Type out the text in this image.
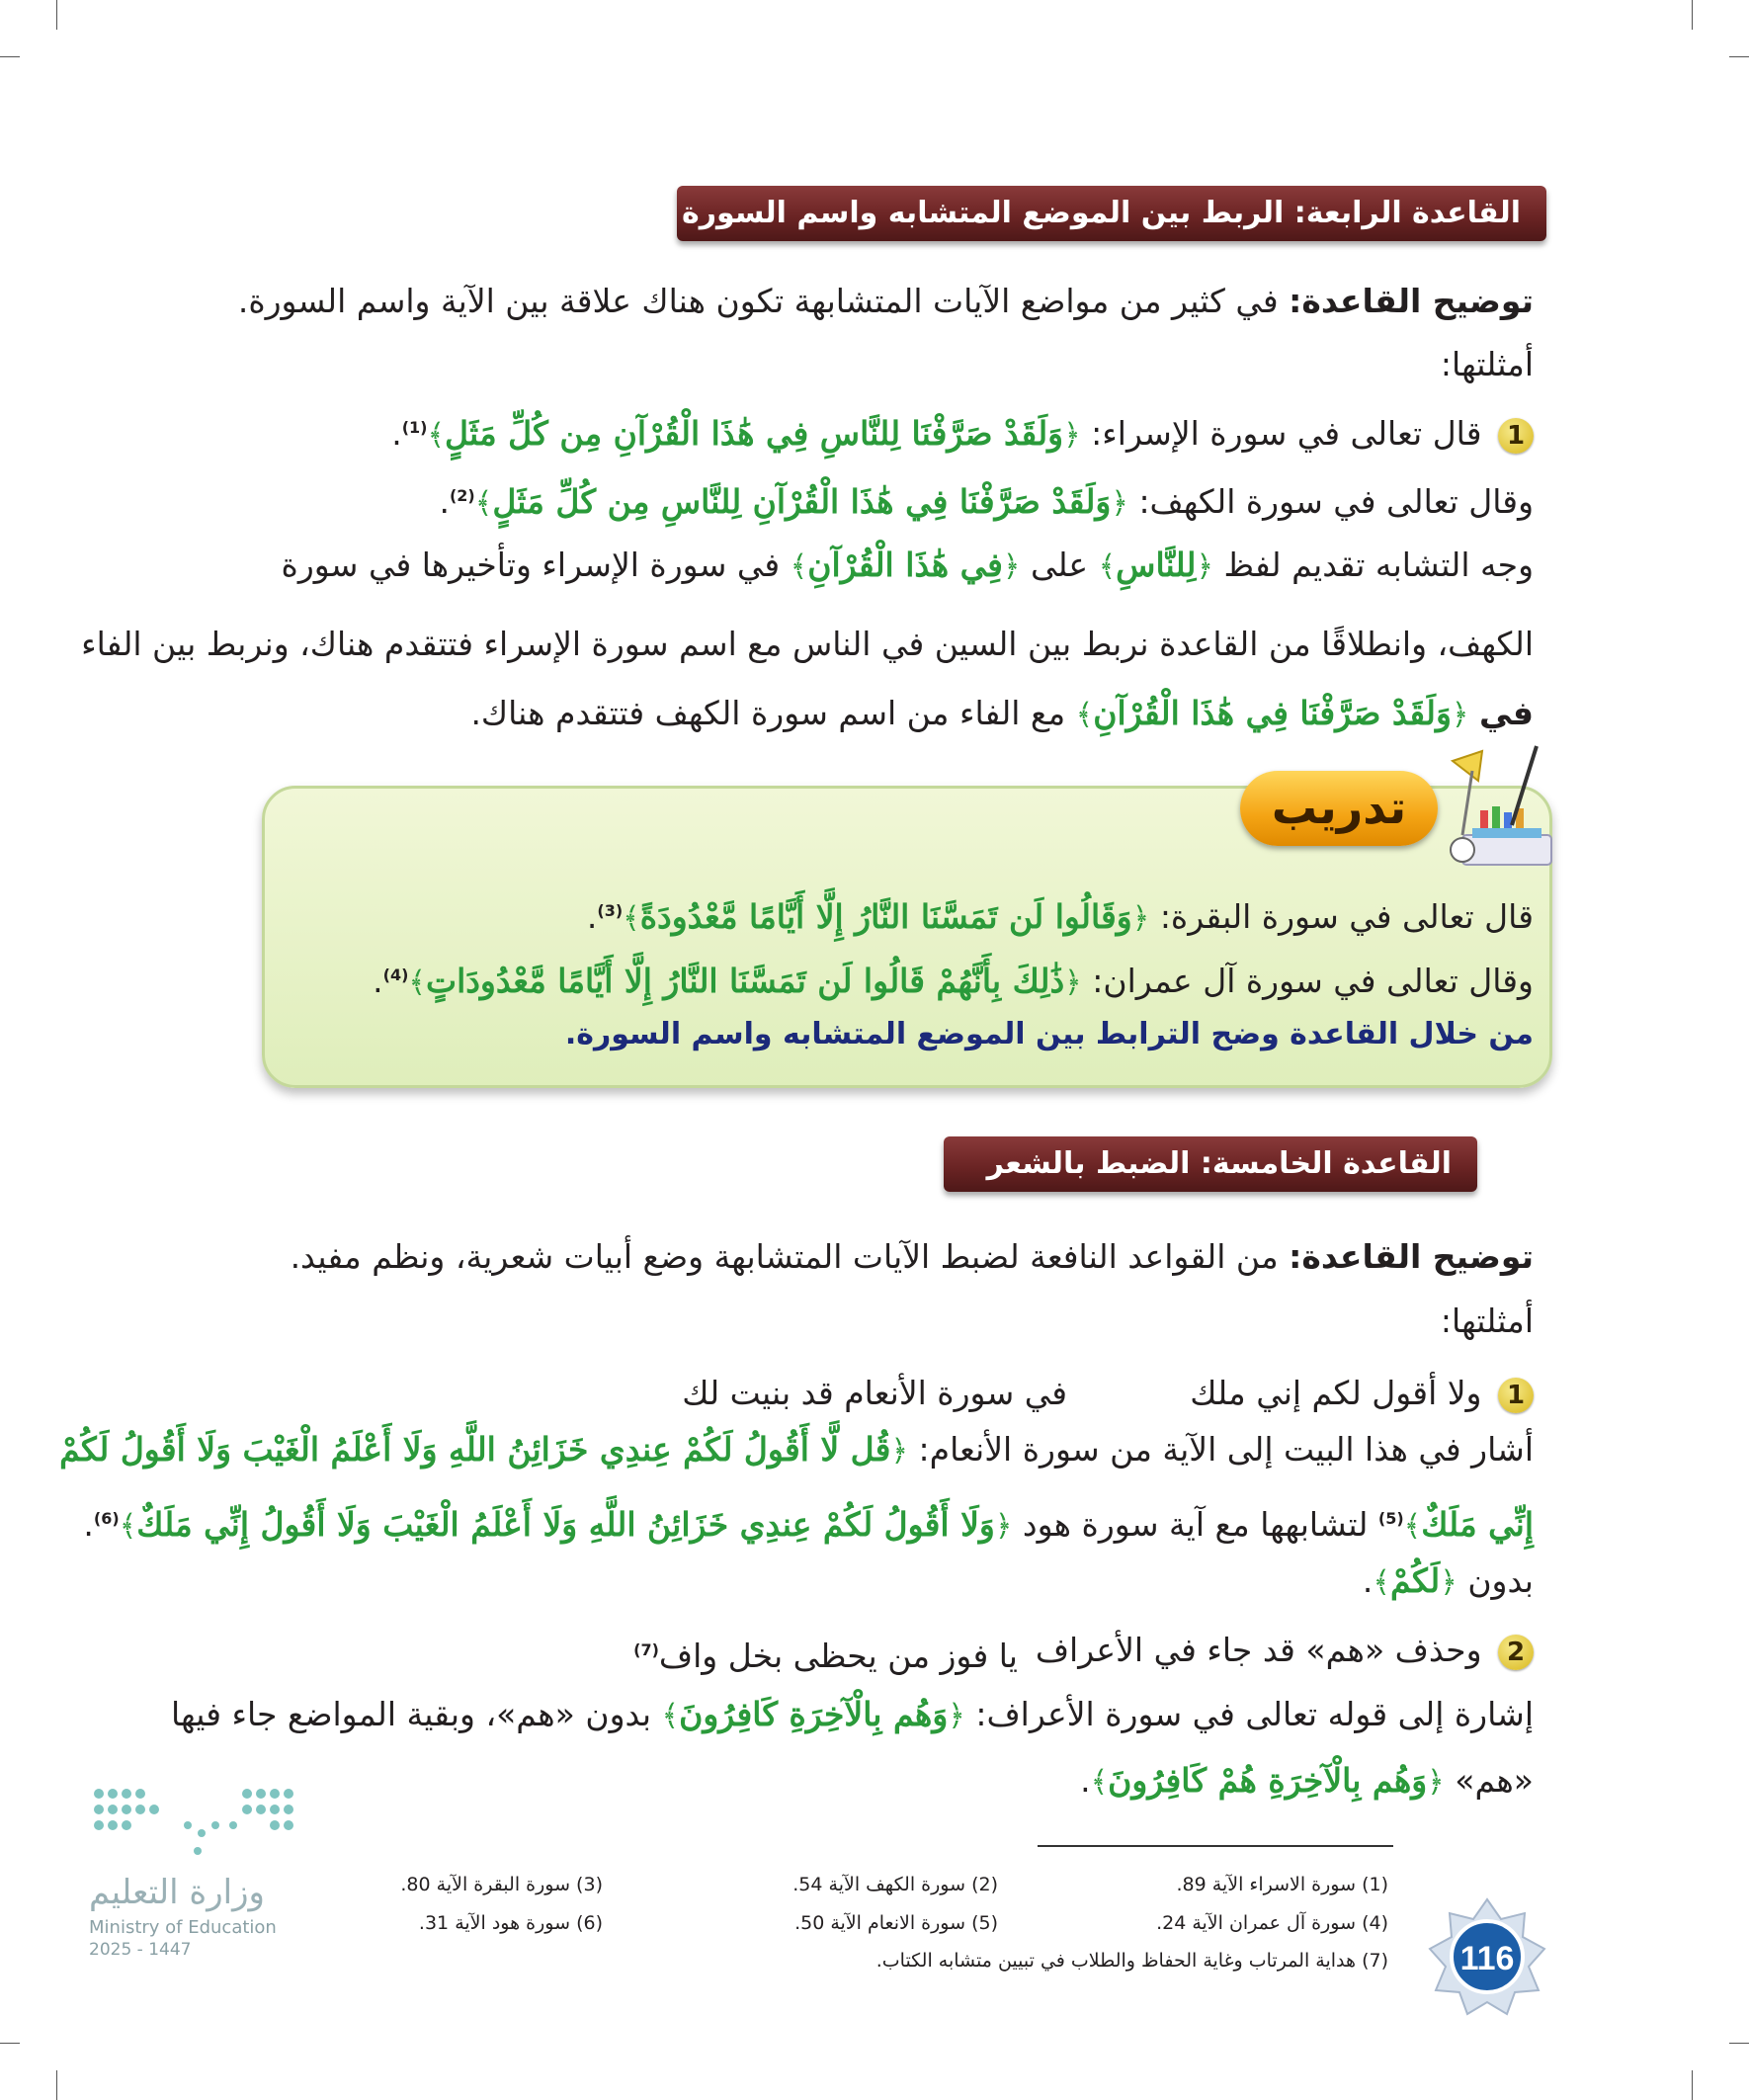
القاعدة الرابعة: الربط بين الموضع المتشابه واسم السورة
توضيح القاعدة: في كثير من مواضع الآيات المتشابهة تكون هناك علاقة بين الآية واسم السورة.
أمثلتها:
1 قال تعالى في سورة الإسراء: ﴿وَلَقَدْ صَرَّفْنَا لِلنَّاسِ فِي هَٰذَا الْقُرْآنِ مِن كُلِّ مَثَلٍ﴾$^{(1)}$.
وقال تعالى في سورة الكهف: ﴿وَلَقَدْ صَرَّفْنَا فِي هَٰذَا الْقُرْآنِ لِلنَّاسِ مِن كُلِّ مَثَلٍ﴾$^{(2)}$.
وجه التشابه تقديم لفظ ﴿لِلنَّاسِ﴾ على ﴿فِي هَٰذَا الْقُرْآنِ﴾ في سورة الإسراء وتأخيرها في سورة
الكهف، وانطلاقًا من القاعدة نربط بين السين في الناس مع اسم سورة الإسراء فتتقدم هناك، ونربط بين الفاء
في ﴿وَلَقَدْ صَرَّفْنَا فِي هَٰذَا الْقُرْآنِ﴾ مع الفاء من اسم سورة الكهف فتتقدم هناك.
تدريب
قال تعالى في سورة البقرة: ﴿وَقَالُوا لَن تَمَسَّنَا النَّارُ إِلَّا أَيَّامًا مَّعْدُودَةً﴾$^{(3)}$.
وقال تعالى في سورة آل عمران: ﴿ذَٰلِكَ بِأَنَّهُمْ قَالُوا لَن تَمَسَّنَا النَّارُ إِلَّا أَيَّامًا مَّعْدُودَاتٍ﴾$^{(4)}$.
من خلال القاعدة وضح الترابط بين الموضع المتشابه واسم السورة.
القاعدة الخامسة: الضبط بالشعر
توضيح القاعدة: من القواعد النافعة لضبط الآيات المتشابهة وضع أبيات شعرية، ونظم مفيد.
أمثلتها:
1 ولا أقول لكم إني ملك
في سورة الأنعام قد بنيت لك
أشار في هذا البيت إلى الآية من سورة الأنعام: ﴿قُل لَّا أَقُولُ لَكُمْ عِندِي خَزَائِنُ اللَّهِ وَلَا أَعْلَمُ الْغَيْبَ وَلَا أَقُولُ لَكُمْ
إِنِّي مَلَكٌ﴾$^{(5)}$ لتشابهها مع آية سورة هود ﴿وَلَا أَقُولُ لَكُمْ عِندِي خَزَائِنُ اللَّهِ وَلَا أَعْلَمُ الْغَيْبَ وَلَا أَقُولُ إِنِّي مَلَكٌ﴾$^{(6)}$.
بدون ﴿لَكُمْ﴾.
2 وحذف «هم» قد جاء في الأعراف
يا فوز من يحظى بخل واف$^{(7)}$
إشارة إلى قوله تعالى في سورة الأعراف: ﴿وَهُم بِالْآخِرَةِ كَافِرُونَ﴾ بدون «هم»، وبقية المواضع جاء فيها
«هم» ﴿وَهُم بِالْآخِرَةِ هُمْ كَافِرُونَ﴾.
(1) سورة الاسراء الآية 89.
(2) سورة الكهف الآية 54.
(3) سورة البقرة الآية 80.
(4) سورة آل عمران الآية 24.
(5) سورة الانعام الآية 50.
(6) سورة هود الآية 31.
(7) هداية المرتاب وغاية الحفاظ والطلاب في تبيين متشابه الكتاب. 116
وزارة التعليم
Ministry of Education
2025 - 1447
